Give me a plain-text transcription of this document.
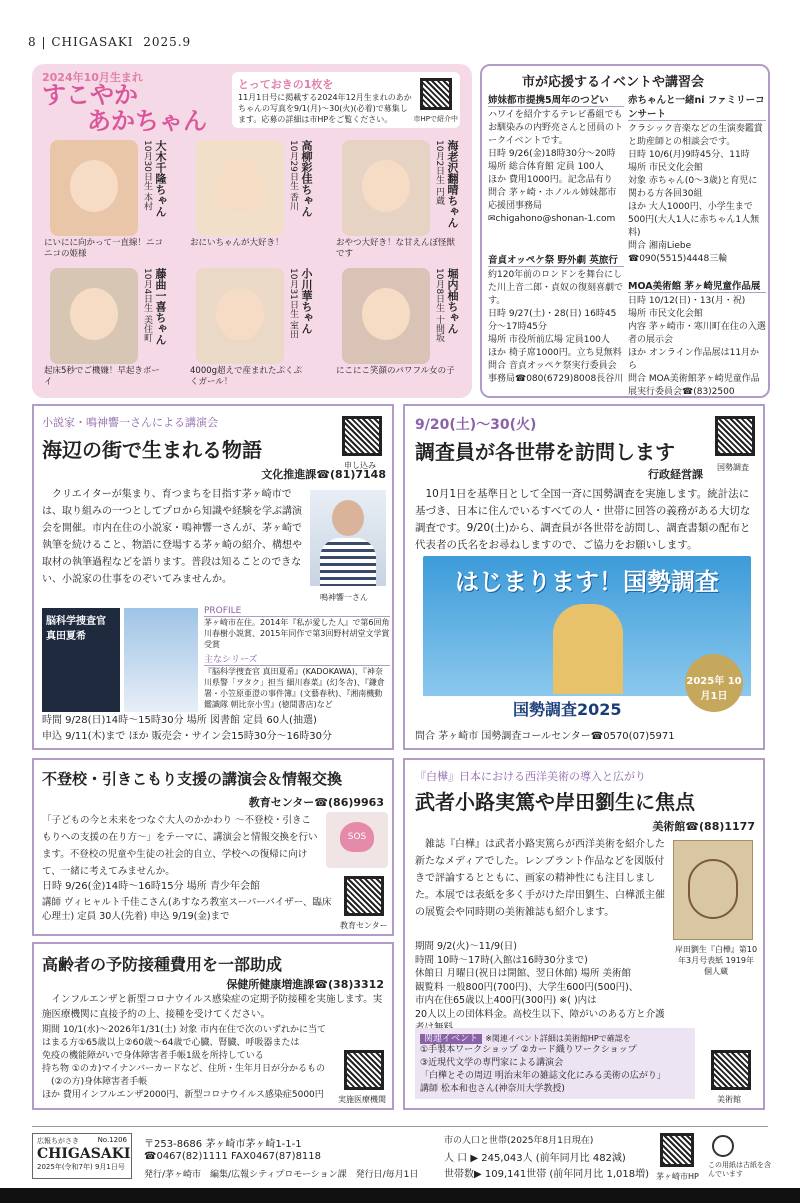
8 | CHIGASAKI 2025.9
2024年10月生まれ
すこやか
あかちゃん
とっておきの1枚を
11月1日号に掲載する2024年12月生まれのあかちゃんの写真を9/1(月)～30(火)(必着)で募集します。応募の詳細は市HPをご覧ください。	市HPで紹介中
大木千隆ちゃん
10月30日生 本村
にいにに向かって一直線！ニコニコの姫様
高柳彩佳ちゃん
10月29日生 香川
おにいちゃんが大好き！
海老沢翻晴ちゃん
10月2日生 円蔵
おやつ大好き！な甘えんぼ怪獣です
藤曲一喜ちゃん
10月4日生 美住町
起床5秒でご機嫌！早起きボーイ
小川華ちゃん
10月31日生 室田
4000g超えで産まれたぷくぷくガール！
堀内柚ちゃん
10月8日生 十間坂
にこにこ笑顔のパワフル女の子
市が応援するイベントや講習会
姉妹都市提携5周年のつどい
ハワイを紹介するテレビ番組でもお馴染みの内野亮さんと団員のトークイベントです。
日時 9/26(金)18時30分～20時
場所 総合体育館 定員 100人
ほか 費用1000円。記念品有り
問合 茅ヶ崎・ホノルル姉妹都市応援団事務局
✉chigahono@shonan-1.com
赤ちゃんと一緒ni ファミリーコンサート
クラシック音楽などの生演奏鑑賞と助産師との相談会です。
日時 10/6(月)9時45分、11時
場所 市民文化会館
対象 赤ちゃん(0～3歳)と育児に関わる方各回30組
ほか 大人1000円、小学生まで500円(大人1人に赤ちゃん1人無料)
問合 湘南Liebe ☎090(5515)4448三輪
音貞オッペケ祭 野外劇 英旅行
約120年前のロンドンを舞台にした川上音二郎・貞奴の復刻喜劇です。
日時 9/27(土)・28(日) 16時45分～17時45分
場所 市役所前広場 定員100人
ほか 椅子席1000円。立ち見無料
問合 音貞オッペケ祭実行委員会事務局☎080(6729)8008長谷川
MOA美術館 茅ヶ崎児童作品展
日時 10/12(日)・13(月・祝)
場所 市民文化会館
内容 茅ヶ崎市・寒川町在住の入選者の展示会
ほか オンライン作品展は11月から
問合 MOA美術館茅ヶ崎児童作品展実行委員会☎(83)2500
小説家・鳴神響一さんによる講演会
海辺の街で生まれる物語
申し込み
文化推進課☎(81)7148
　クリエイターが集まり、育つまちを目指す茅ヶ崎市では、取り組みの一つとしてプロから知識や経験を学ぶ講演会を開催。市内在住の小説家・鳴神響一さんが、茅ヶ崎で執筆を続けること、物語に登場する茅ヶ崎の紹介、構想や取材の執筆過程などを語ります。普段は知ることのできない、小説家の仕事をのぞいてみませんか。
鳴神響一さん
脳科学捜査官 真田夏希
PROFILE
茅ヶ崎市在住。2014年『私が愛した人』で第6回角川春樹小説賞、2015年同作で第3回野村胡堂文学賞受賞
主なシリーズ
『脳科学捜査官 真田夏希』(KADOKAWA)、『神奈川県警「ヲタク」担当 細川春菜』(幻冬舎)、『鎌倉署・小笠原亜澄の事件簿』(文藝春秋)、『湘南機動鑑識隊 朝比奈小雪』(徳間書店)など
時間 9/28(日)14時～15時30分 場所 図書館 定員 60人(抽選)
申込 9/11(木)まで ほか 販売会・サイン会15時30分～16時30分
9/20(土)～30(火)
調査員が各世帯を訪問します
国勢調査
行政経営課
　10月1日を基準日として全国一斉に国勢調査を実施します。統計法に基づき、日本に住んでいるすべての人・世帯に回答の義務がある大切な調査です。9/20(土)から、調査員が各世帯を訪問し、調査書類の配布と代表者の氏名をお尋ねしますので、ご協力をお願いします。
はじまります！国勢調査
国勢調査2025
2025年 10月1日
問合 茅ヶ崎市 国勢調査コールセンター☎0570(07)5971
不登校・引きこもり支援の講演会＆情報交換
教育センター☎(86)9963
「子どもの今と未来をつなぐ大人のかかわり ～不登校・引きこもりへの支援の在り方～」をテーマに、講演会と情報交換を行います。不登校の児童や生徒の社会的自立、学校への復帰に向けて、一緒に考えてみませんか。
SOS
日時 9/26(金)14時～16時15分 場所 青少年会館
講師 ヴィヒャルト千佳こさん(あすなろ教室スーパーバイザー、臨床心理士) 定員 30人(先着) 申込 9/19(金)まで
教育センター
高齢者の予防接種費用を一部助成
保健所健康増進課☎(38)3312
　インフルエンザと新型コロナウイルス感染症の定期予防接種を実施します。実施医療機関に直接予約の上、接種を受けてください。
期間 10/1(水)～2026年1/31(土) 対象 市内在住で次のいずれかに当てはまる方①65歳以上②60歳～64歳で心臓、腎臓、呼吸器または
免疫の機能障がいで身体障害者手帳1級を所持している
持ち物 ①のカ)マイナンバーカードなど、住所・生年月日が分かるもの
　(②の方)身体障害者手帳
ほか 費用インフルエンザ2000円、新型コロナウイルス感染症5000円	実施医療機関
『白樺』日本における西洋美術の導入と広がり
武者小路実篤や岸田劉生に焦点
美術館☎(88)1177
　雑誌『白樺』は武者小路実篤らが西洋美術を紹介した新たなメディアでした。レンブラント作品などを図版付きで評論するとともに、画家の精神性にも注目しました。本展では表紙を多く手がけた岸田劉生、白樺派主催の展覧会や同時期の美術雑誌も紹介します。
岸田劉生『白樺』第10年3月号表紙 1919年 個人蔵
期間 9/2(火)～11/9(日)
時間 10時～17時(入館は16時30分まで)
休館日 月曜日(祝日は開館、翌日休館) 場所 美術館
観覧料 一般800円(700円)、大学生600円(500円)、
市内在住65歳以上400円(300円) ※( )内は
20人以上の団体料金。高校生以下、障がいのある方と介護
関連イベント ※関連イベント詳細は美術館HPで確認を
①手製本ワークショップ ②カード織りワークショップ
③近現代文学の専門家による講演会
「白樺とその周辺 明治末年の雑誌文化にみる美術の広がり」
講師 松本和也さん(神奈川大学教授)
美術館
広報ちがさき	No.1206
CHIGASAKI
2025年(令和7年) 9月1日号
〒253-8686 茅ヶ崎市茅ヶ崎1-1-1
☎0467(82)1111 FAX0467(87)8118
発行/茅ヶ崎市　編集/広報シティプロモーション課　発行日/毎月1日
市の人口と世帯(2025年8月1日現在)
人 口 ▶ 245,043人 (前年同月比 482減)
世帯数▶ 109,141世帯 (前年同月比 1,018増) 茅ヶ崎市HP
この用紙は古紙を含んでいます
